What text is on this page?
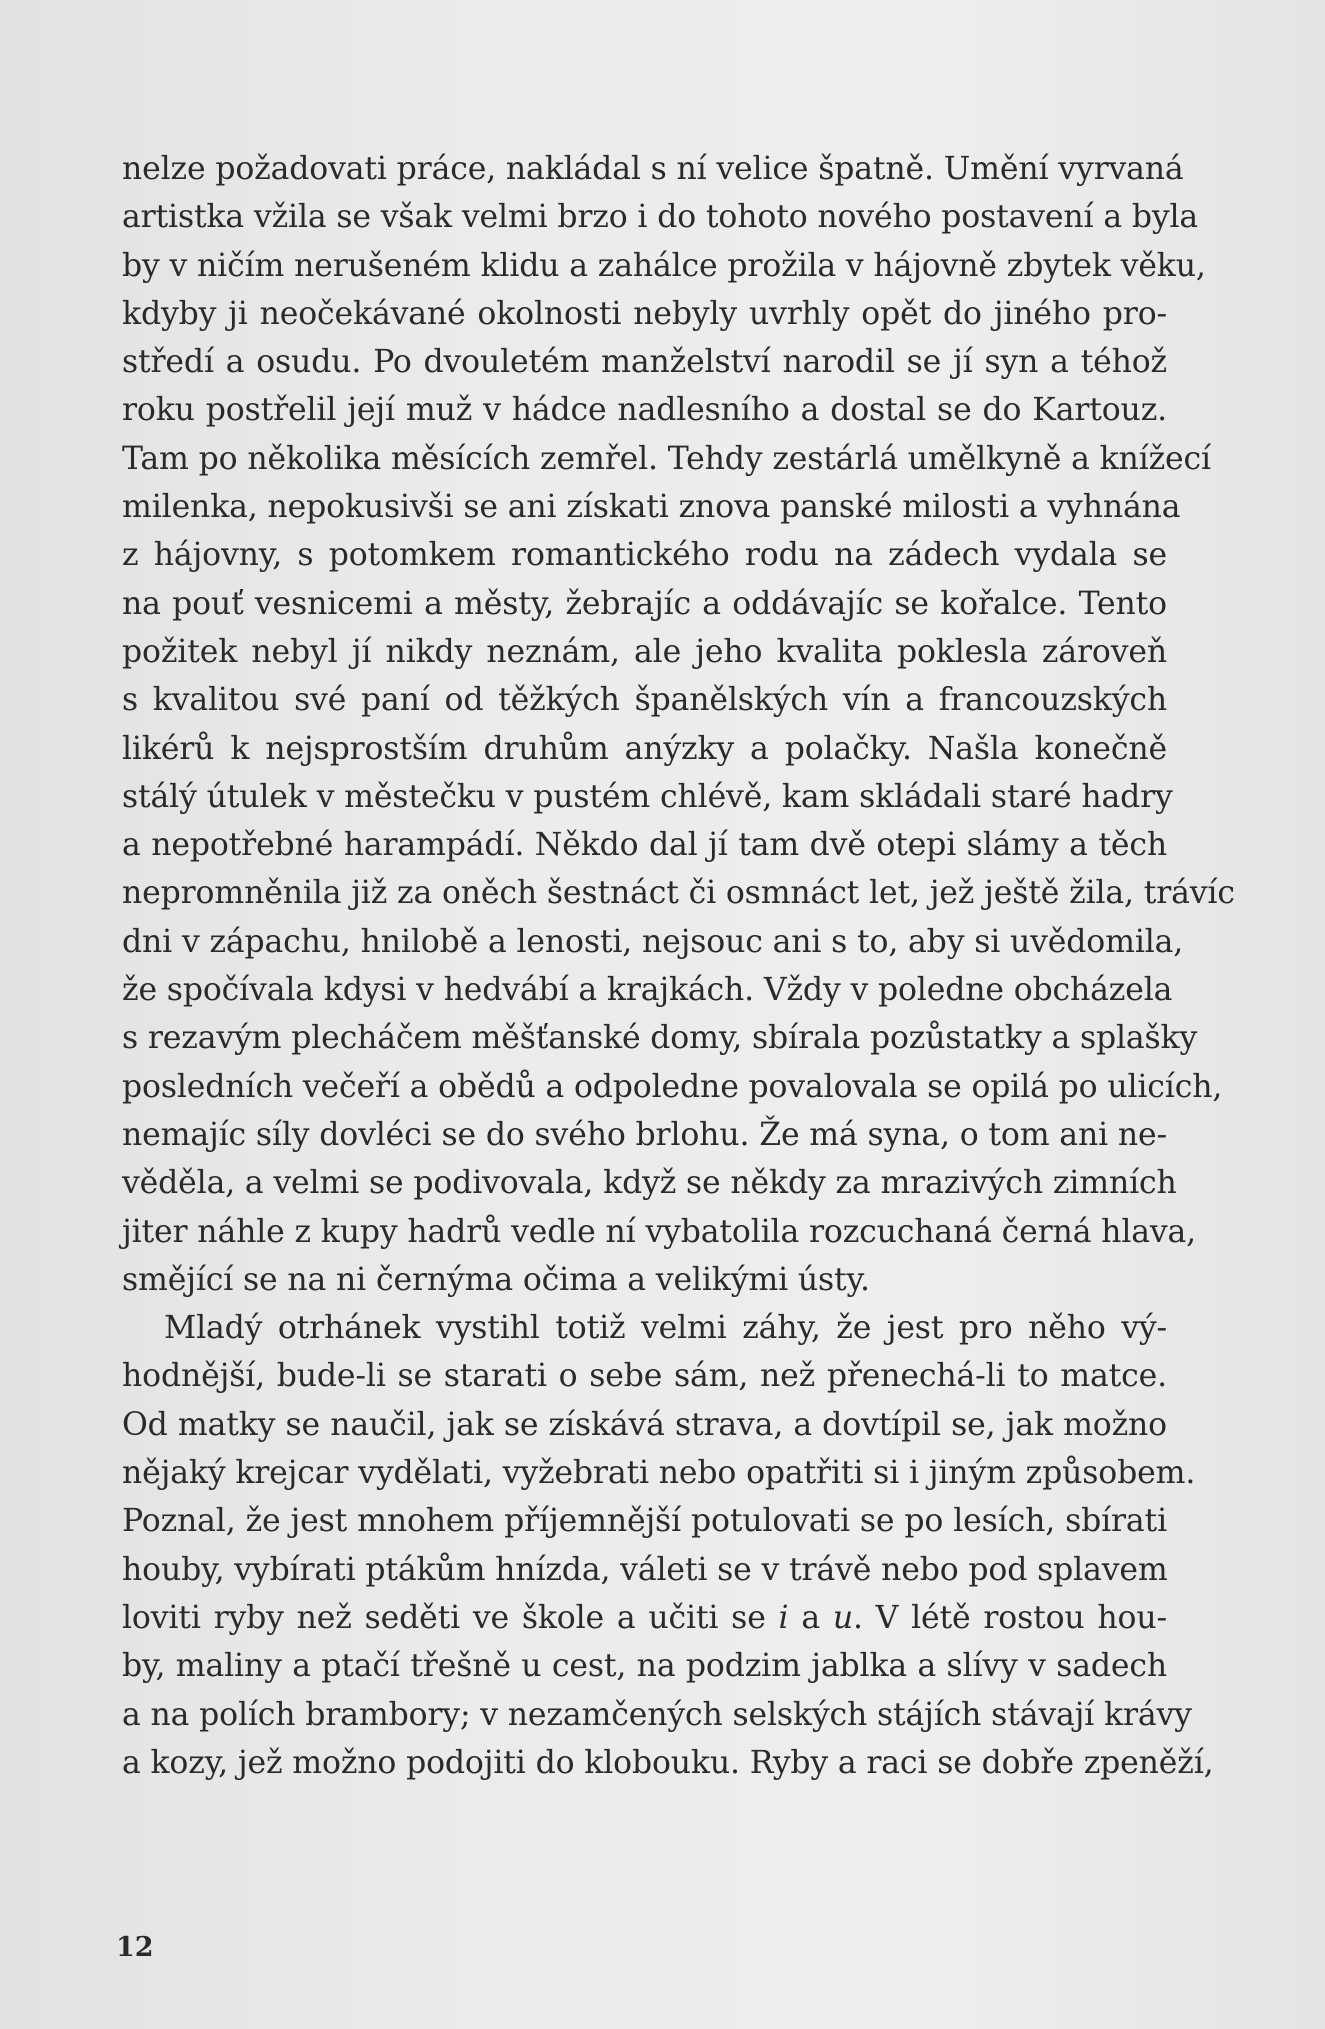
nelze požadovati práce, nakládal s ní velice špatně. Umění vyrvaná
artistka vžila se však velmi brzo i do tohoto nového postavení a byla
by v ničím nerušeném klidu a zahálce prožila v hájovně zbytek věku,
kdyby ji neočekávané okolnosti nebyly uvrhly opět do jiného pro-
středí a osudu. Po dvouletém manželství narodil se jí syn a téhož
roku postřelil její muž v hádce nadlesního a dostal se do Kartouz.
Tam po několika měsících zemřel. Tehdy zestárlá umělkyně a knížecí
milenka, nepokusivši se ani získati znova panské milosti a vyhnána
z hájovny, s potomkem romantického rodu na zádech vydala se
na pouť vesnicemi a městy, žebrajíc a oddávajíc se kořalce. Tento
požitek nebyl jí nikdy neznám, ale jeho kvalita poklesla zároveň
s kvalitou své paní od těžkých španělských vín a francouzských
likérů k nejsprostším druhům anýzky a polačky. Našla konečně
stálý útulek v městečku v pustém chlévě, kam skládali staré hadry
a nepotřebné harampádí. Někdo dal jí tam dvě otepi slámy a těch
nepromněnila již za oněch šestnáct či osmnáct let, jež ještě žila, trávíc
dni v zápachu, hnilobě a lenosti, nejsouc ani s to, aby si uvědomila,
že spočívala kdysi v hedvábí a krajkách. Vždy v poledne obcházela
s rezavým plecháčem měšťanské domy, sbírala pozůstatky a splašky
posledních večeří a obědů a odpoledne povalovala se opilá po ulicích,
nemajíc síly dovléci se do svého brlohu. Že má syna, o tom ani ne-
věděla, a velmi se podivovala, když se někdy za mrazivých zimních
jiter náhle z kupy hadrů vedle ní vybatolila rozcuchaná černá hlava,
smějící se na ni černýma očima a velikými ústy.
Mladý otrhánek vystihl totiž velmi záhy, že jest pro něho vý-
hodnější, bude-li se starati o sebe sám, než přenechá-li to matce.
Od matky se naučil, jak se získává strava, a dovtípil se, jak možno
nějaký krejcar vydělati, vyžebrati nebo opatřiti si i jiným způsobem.
Poznal, že jest mnohem příjemnější potulovati se po lesích, sbírati
houby, vybírati ptákům hnízda, váleti se v trávě nebo pod splavem
loviti ryby než seděti ve škole a učiti se i a u. V létě rostou hou-
by, maliny a ptačí třešně u cest, na podzim jablka a slívy v sadech
a na polích brambory; v nezamčených selských stájích stávají krávy
a kozy, jež možno podojiti do klobouku. Ryby a raci se dobře zpeněží,
12
